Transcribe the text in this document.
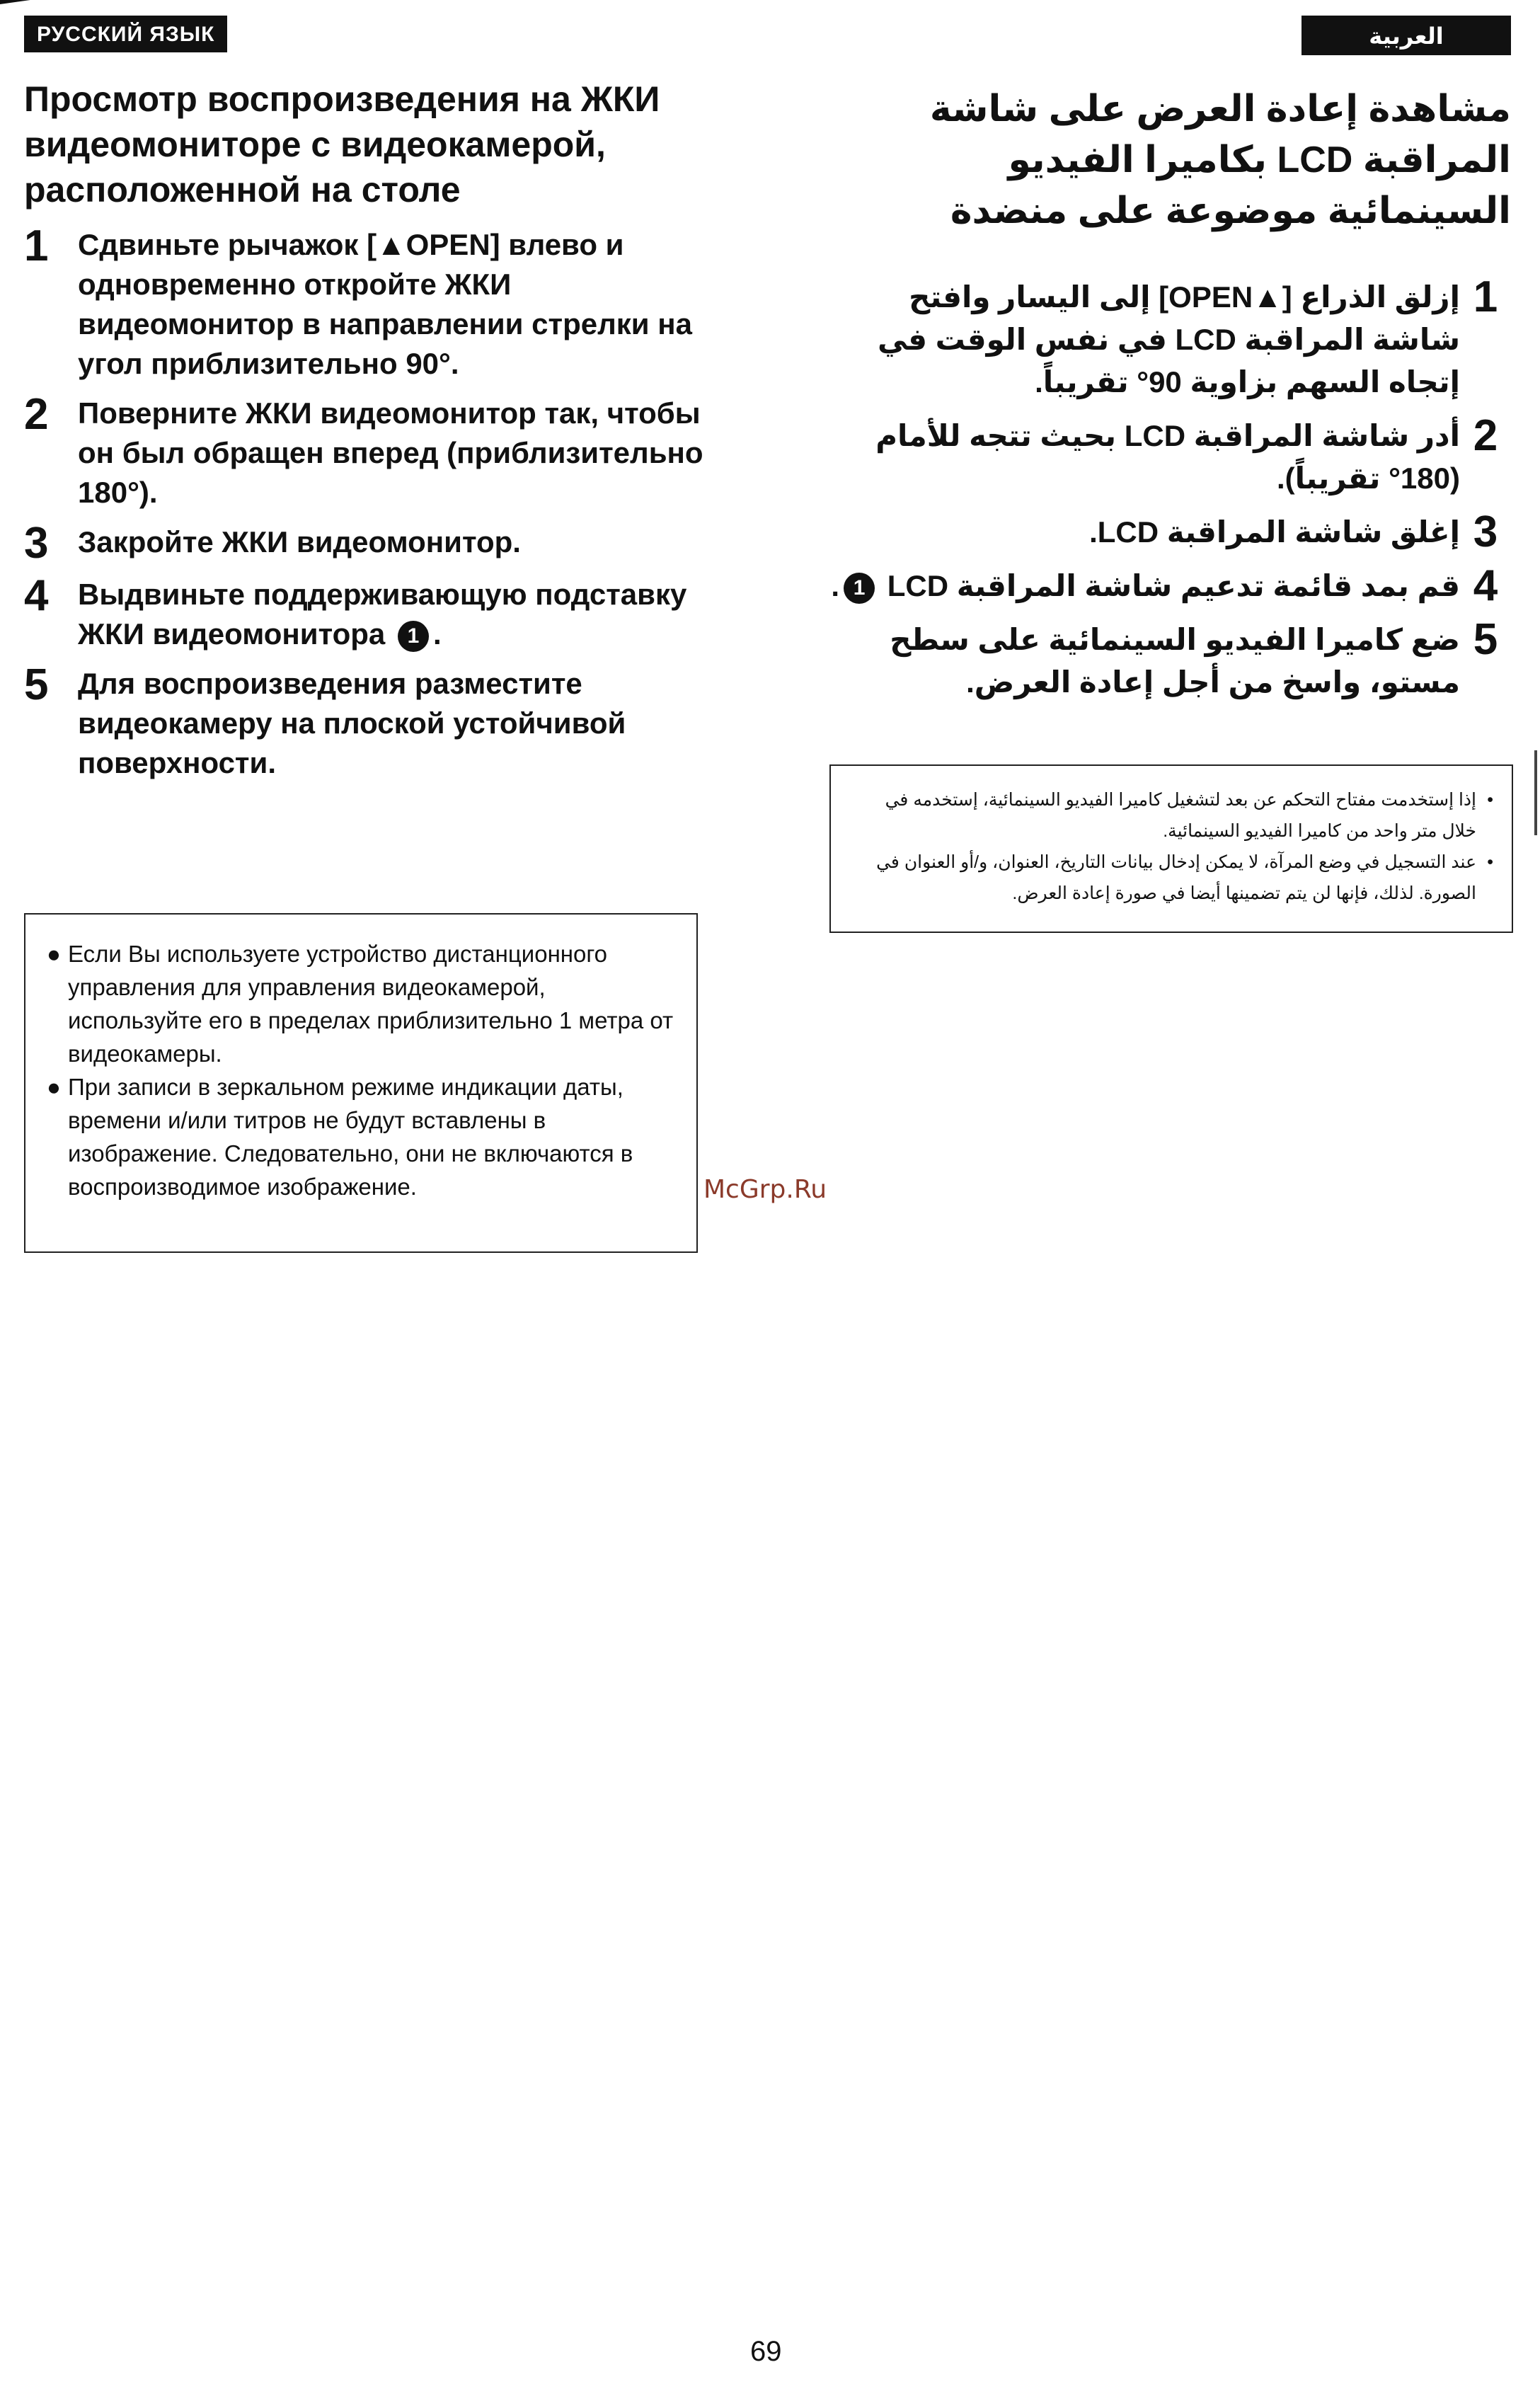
РУССКИЙ ЯЗЫК
Просмотр воспроизведения на ЖКИ видеомониторе с видеокамерой, расположенной на столе
1 Сдвиньте рычажок [▲OPEN] влево и одновременно откройте ЖКИ видеомонитор в направлении стрелки на угол приблизительно 90°.
2 Поверните ЖКИ видеомонитор так, чтобы он был обращен вперед (приблизительно 180°).
3 Закройте ЖКИ видеомонитор.
4 Выдвиньте поддерживающую подставку ЖКИ видеомонитора 1 .
5 Для воспроизведения разместите видеокамеру на плоской устойчивой поверхности.
● Если Вы используете устройство дистанционного управления для управления видеокамерой, используйте его в пределах приблизительно 1 метра от видеокамеры.
● При записи в зеркальном режиме индикации даты, времени и/или титров не будут вставлены в изображение. Следовательно, они не включаются в воспроизводимое изображение.
العربية
مشاهدة إعادة العرض على شاشة المراقبة LCD بكاميرا الفيديو السينمائية موضوعة على منضدة
1
إزلق الذراع [▲OPEN] إلى اليسار وافتح شاشة المراقبة LCD في نفس الوقت في إتجاه السهم بزاوية 90° تقريباً.
2
أدر شاشة المراقبة LCD بحيث تتجه للأمام (180° تقريباً).
3
إغلق شاشة المراقبة LCD.
4
قم بمد قائمة تدعيم شاشة المراقبة LCD 1.
5
ضع كاميرا الفيديو السينمائية على سطح مستو، واسخ من أجل إعادة العرض.
•
إذا إستخدمت مفتاح التحكم عن بعد لتشغيل كاميرا الفيديو السينمائية، إستخدمه في خلال متر واحد من كاميرا الفيديو السينمائية.
•
عند التسجيل في وضع المرآة، لا يمكن إدخال بيانات التاريخ، العنوان، و/أو العنوان في الصورة. لذلك، فإنها لن يتم تضمينها أيضا في صورة إعادة العرض.
McGrp.Ru
69
